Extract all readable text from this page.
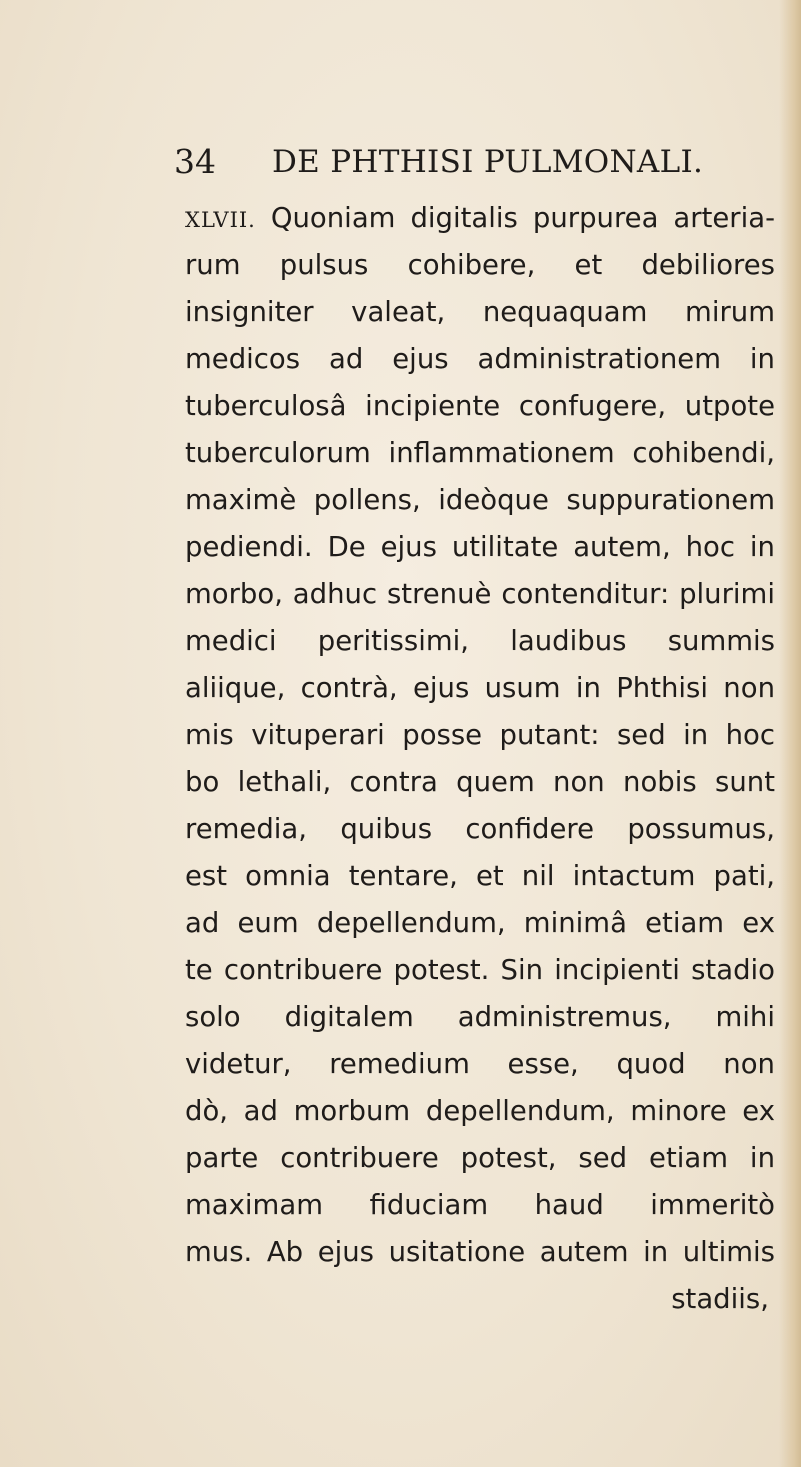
34 DE PHTHISI PULMONALI.
XLVII. Quoniam digitalis purpurea arteria-
rum pulsus cohibere, et debiliores
insigniter valeat, nequaquam mirum
medicos ad ejus administrationem in
tuberculosâ incipiente confugere, utpote
tuberculorum inflammationem cohibendi,
maximè pollens, ideòque suppurationem
pediendi. De ejus utilitate autem, hoc in
morbo, adhuc strenuè contenditur: plurimi
medici peritissimi, laudibus summis
aliique, contrà, ejus usum in Phthisi non
mis vituperari posse putant: sed in hoc
bo lethali, contra quem non nobis sunt
remedia, quibus confidere possumus,
est omnia tentare, et nil intactum pati,
ad eum depellendum, minimâ etiam ex
te contribuere potest. Sin incipienti stadio
solo digitalem administremus, mihi
videtur, remedium esse, quod non
dò, ad morbum depellendum, minore ex
parte contribuere potest, sed etiam in
maximam fiduciam haud immeritò
mus. Ab ejus usitatione autem in ultimis
stadiis,
